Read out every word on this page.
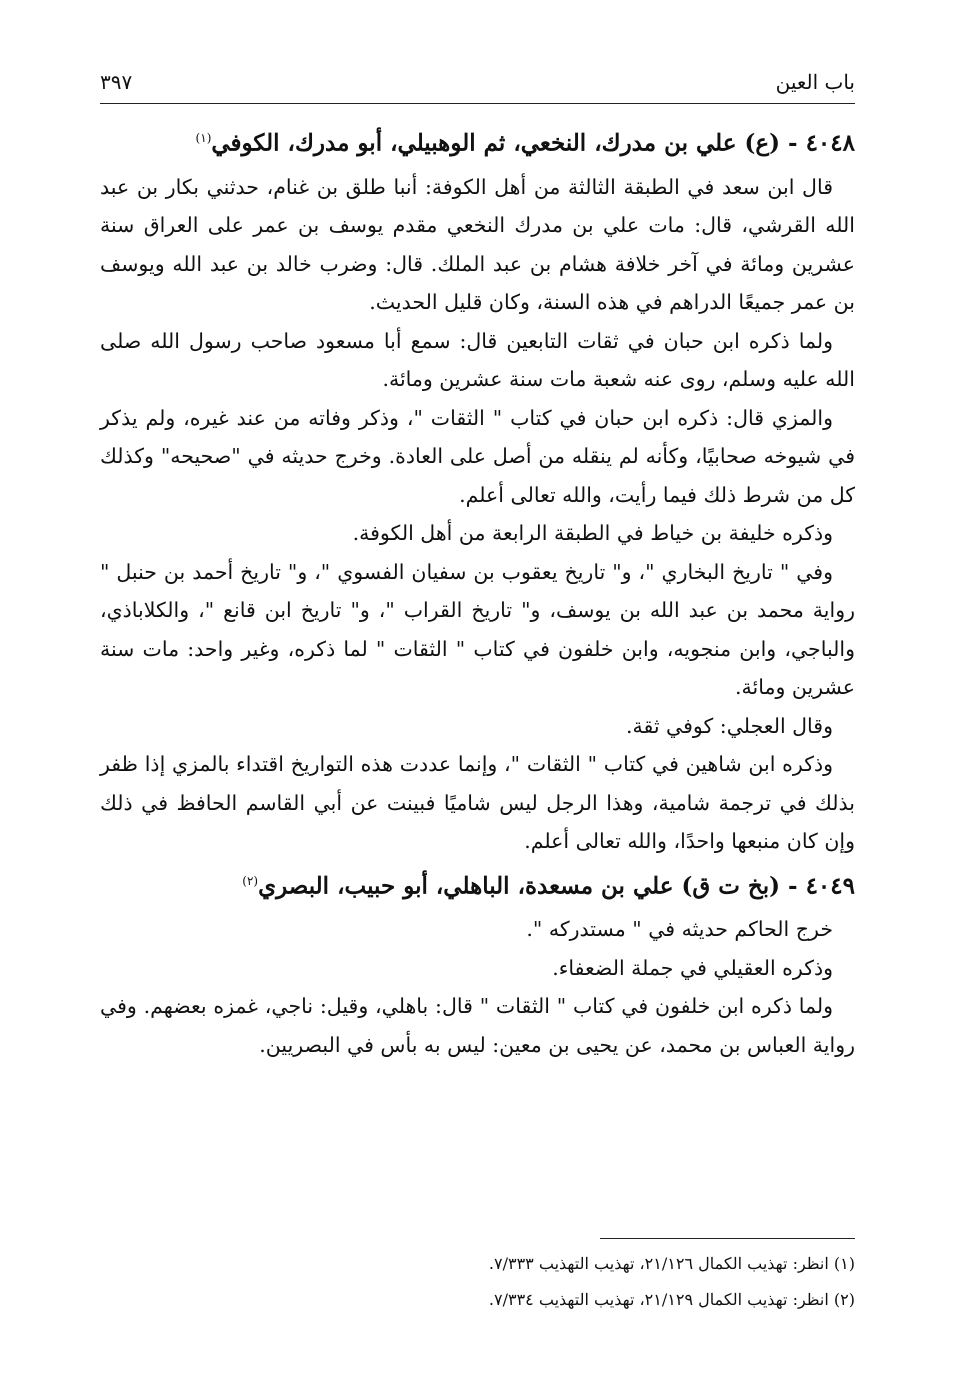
باب العين
٣٩٧

٤٠٤٨ - (ع) علي بن مدرك، النخعي، ثم الوهبيلي، أبو مدرك، الكوفي$^{(١)}$

قال ابن سعد في الطبقة الثالثة من أهل الكوفة: أنبا طلق بن غنام، حدثني بكار بن عبد الله القرشي، قال: مات علي بن مدرك النخعي مقدم يوسف بن عمر على العراق سنة عشرين ومائة في آخر خلافة هشام بن عبد الملك. قال: وضرب خالد بن عبد الله ويوسف بن عمر جميعًا الدراهم في هذه السنة، وكان قليل الحديث.

ولما ذكره ابن حبان في ثقات التابعين قال: سمع أبا مسعود صاحب رسول الله صلى الله عليه وسلم، روى عنه شعبة مات سنة عشرين ومائة.

والمزي قال: ذكره ابن حبان في كتاب " الثقات "، وذكر وفاته من عند غيره، ولم يذكر في شيوخه صحابيًا، وكأنه لم ينقله من أصل على العادة. وخرج حديثه في "صحيحه" وكذلك كل من شرط ذلك فيما رأيت، والله تعالى أعلم.

وذكره خليفة بن خياط في الطبقة الرابعة من أهل الكوفة.

وفي " تاريخ البخاري "، و" تاريخ يعقوب بن سفيان الفسوي "، و" تاريخ أحمد بن حنبل " رواية محمد بن عبد الله بن يوسف، و" تاريخ القراب "، و" تاريخ ابن قانع "، والكلاباذي، والباجي، وابن منجويه، وابن خلفون في كتاب " الثقات " لما ذكره، وغير واحد: مات سنة عشرين ومائة.

وقال العجلي: كوفي ثقة.

وذكره ابن شاهين في كتاب " الثقات "، وإنما عددت هذه التواريخ اقتداء بالمزي إذا ظفر بذلك في ترجمة شامية، وهذا الرجل ليس شاميًا فبينت عن أبي القاسم الحافظ في ذلك وإن كان منبعها واحدًا، والله تعالى أعلم.

٤٠٤٩ - (بخ ت ق) علي بن مسعدة، الباهلي، أبو حبيب، البصري$^{(٢)}$

خرج الحاكم حديثه في " مستدركه ".

وذكره العقيلي في جملة الضعفاء.

ولما ذكره ابن خلفون في كتاب " الثقات " قال: باهلي، وقيل: ناجي، غمزه بعضهم. وفي رواية العباس بن محمد، عن يحيى بن معين: ليس به بأس في البصريين.

(١) انظر: تهذيب الكمال ٢١/١٢٦، تهذيب التهذيب ٧/٣٣٣.

(٢) انظر: تهذيب الكمال ٢١/١٢٩، تهذيب التهذيب ٧/٣٣٤.
